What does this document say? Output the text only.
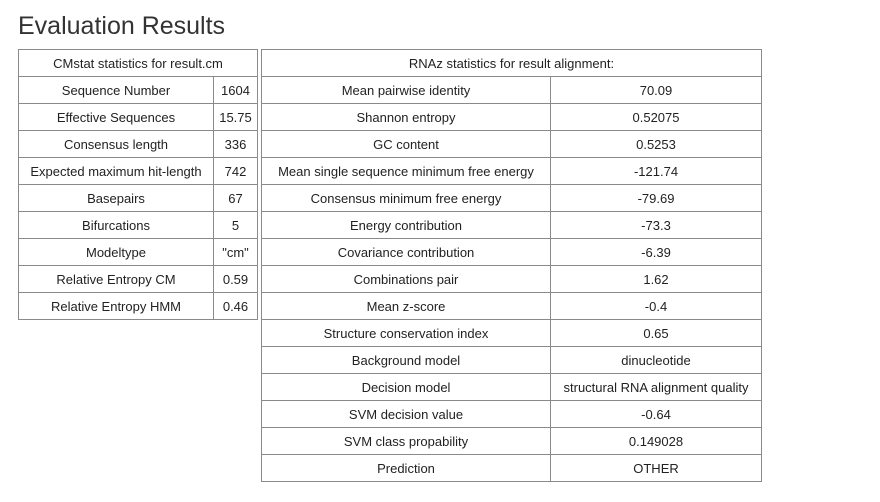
Evaluation Results
CMstat statistics for result.cm	
Sequence Number	1604
Effective Sequences	15.75
Consensus length	336
Expected maximum hit-length	742
Basepairs	67
Bifurcations	5
Modeltype	"cm"
Relative Entropy CM	0.59
Relative Entropy HMM	0.46
RNAz statistics for result alignment:	
Mean pairwise identity	70.09
Shannon entropy	0.52075
GC content	0.5253
Mean single sequence minimum free energy	-121.74
Consensus minimum free energy	-79.69
Energy contribution	-73.3
Covariance contribution	-6.39
Combinations pair	1.62
Mean z-score	-0.4
Structure conservation index	0.65
Background model	dinucleotide
Decision model	structural RNA alignment quality
SVM decision value	-0.64
SVM class propability	0.149028
Prediction	OTHER
